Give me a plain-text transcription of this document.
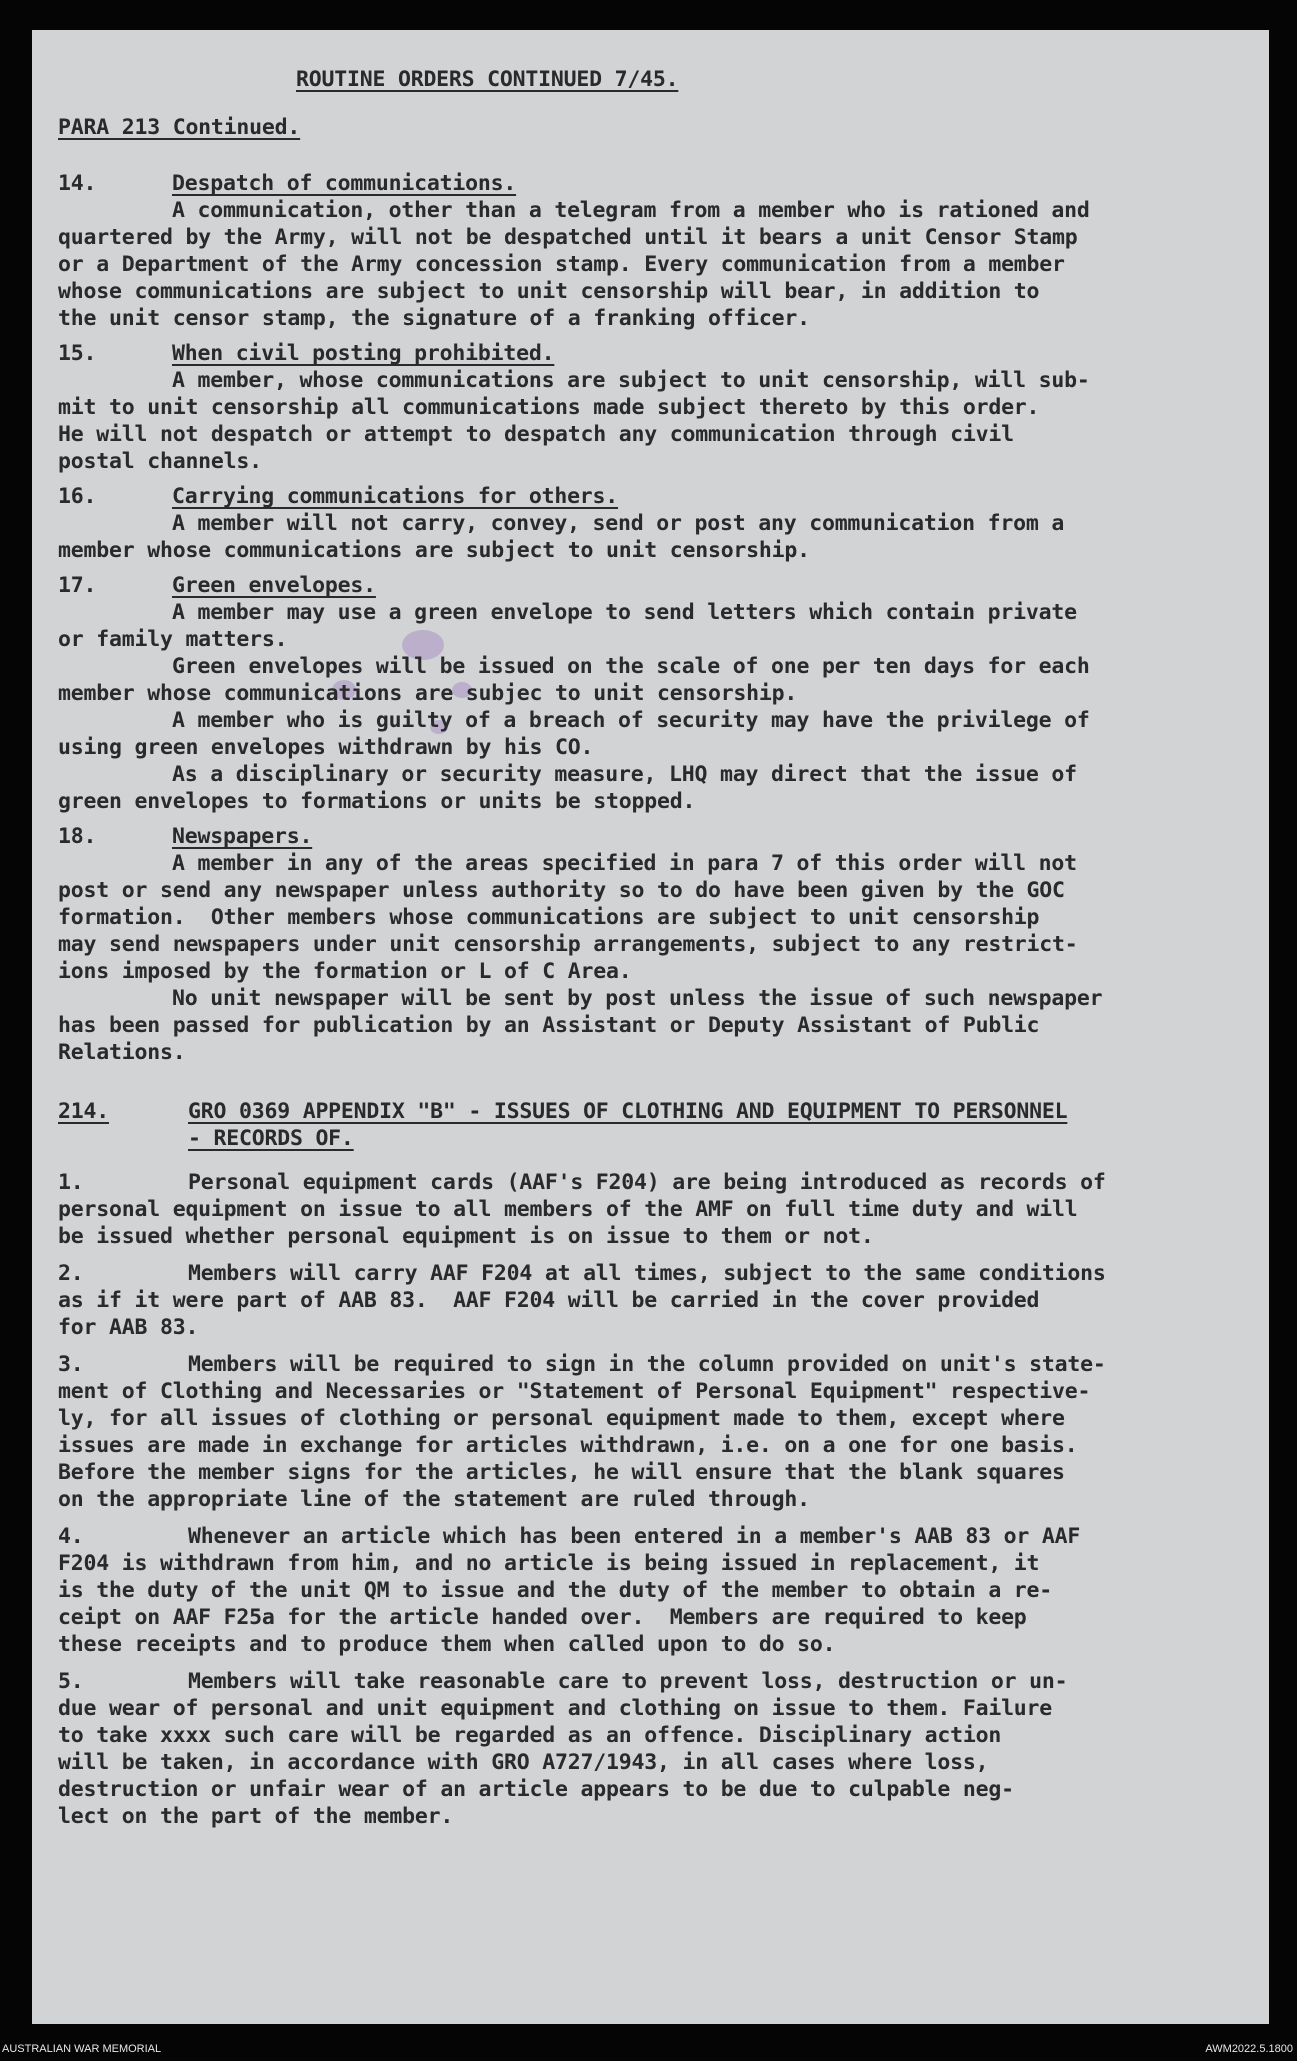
ROUTINE ORDERS CONTINUED 7/45.
PARA 213 Continued.
14.	Despatch of communications.
A communication, other than a telegram from a member who is rationed and
quartered by the Army, will not be despatched until it bears a unit Censor Stamp
or a Department of the Army concession stamp. Every communication from a member
whose communications are subject to unit censorship will bear, in addition to
the unit censor stamp, the signature of a franking officer.
15.	When civil posting prohibited.
A member, whose communications are subject to unit censorship, will sub-
mit to unit censorship all communications made subject thereto by this order.
He will not despatch or attempt to despatch any communication through civil
postal channels.
16.	Carrying communications for others.
A member will not carry, convey, send or post any communication from a
member whose communications are subject to unit censorship.
17.	Green envelopes.
A member may use a green envelope to send letters which contain private
or family matters.
Green envelopes will be issued on the scale of one per ten days for each
member whose communications are subjec to unit censorship.
A member who is guilty of a breach of security may have the privilege of
using green envelopes withdrawn by his CO.
As a disciplinary or security measure, LHQ may direct that the issue of
green envelopes to formations or units be stopped.
18.	Newspapers.
A member in any of the areas specified in para 7 of this order will not
post or send any newspaper unless authority so to do have been given by the GOC
formation.  Other members whose communications are subject to unit censorship
may send newspapers under unit censorship arrangements, subject to any restrict-
ions imposed by the formation or L of C Area.
No unit newspaper will be sent by post unless the issue of such newspaper
has been passed for publication by an Assistant or Deputy Assistant of Public
Relations.
214.	GRO 0369 APPENDIX "B" - ISSUES OF CLOTHING AND EQUIPMENT TO PERSONNEL
- RECORDS OF.
1.	Personal equipment cards (AAF's F204) are being introduced as records of
personal equipment on issue to all members of the AMF on full time duty and will
be issued whether personal equipment is on issue to them or not.
2.	Members will carry AAF F204 at all times, subject to the same conditions
as if it were part of AAB 83.  AAF F204 will be carried in the cover provided
for AAB 83.
3.	Members will be required to sign in the column provided on unit's state-
ment of Clothing and Necessaries or "Statement of Personal Equipment" respective-
ly, for all issues of clothing or personal equipment made to them, except where
issues are made in exchange for articles withdrawn, i.e. on a one for one basis.
Before the member signs for the articles, he will ensure that the blank squares
on the appropriate line of the statement are ruled through.
4.	Whenever an article which has been entered in a member's AAB 83 or AAF
F204 is withdrawn from him, and no article is being issued in replacement, it
is the duty of the unit QM to issue and the duty of the member to obtain a re-
ceipt on AAF F25a for the article handed over.  Members are required to keep
these receipts and to produce them when called upon to do so.
5.	Members will take reasonable care to prevent loss, destruction or un-
due wear of personal and unit equipment and clothing on issue to them. Failure
to take xxxx such care will be regarded as an offence. Disciplinary action
will be taken, in accordance with GRO A727/1943, in all cases where loss,
destruction or unfair wear of an article appears to be due to culpable neg-
lect on the part of the member.
AUSTRALIAN WAR MEMORIAL	AWM2022.5.1800
